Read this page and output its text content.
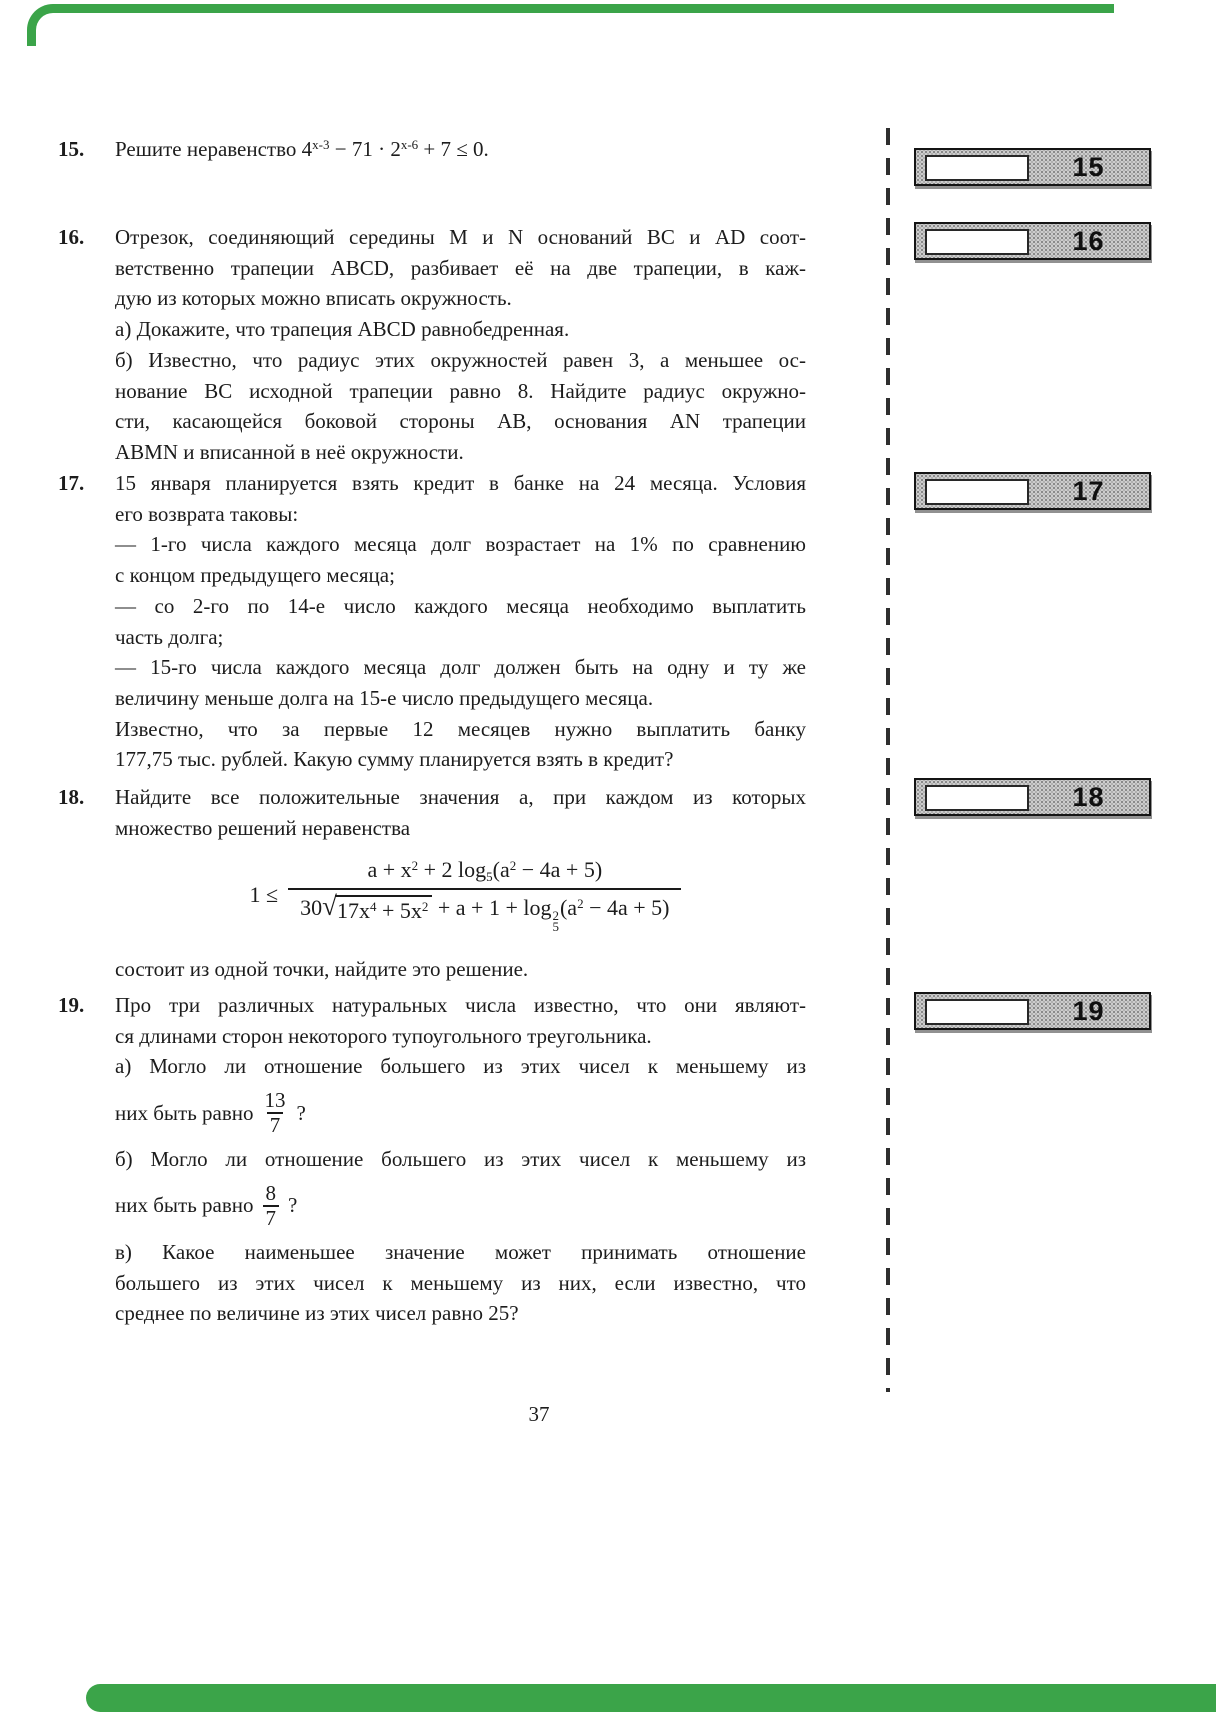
15.	Решите неравенство $4^{x-3} - 71 \cdot 2^{x-6} + 7 \le 0$.
16.	Отрезок, соединяющий середины M и N оснований BC и AD соот-
ветственно трапеции ABCD, разбивает её на две трапеции, в каж-
дую из которых можно вписать окружность.
а) Докажите, что трапеция ABCD равнобедренная.
б) Известно, что радиус этих окружностей равен 3, а меньшее ос-
нование BC исходной трапеции равно 8. Найдите радиус окружно-
сти, касающейся боковой стороны AB, основания AN трапеции
ABMN и вписанной в неё окружности.
17.	15 января планируется взять кредит в банке на 24 месяца. Условия
его возврата таковы:
— 1-го числа каждого месяца долг возрастает на 1% по сравнению
с концом предыдущего месяца;
— со 2-го по 14-е число каждого месяца необходимо выплатить
часть долга;
— 15-го числа каждого месяца долг должен быть на одну и ту же
величину меньше долга на 15-е число предыдущего месяца.
Известно, что за первые 12 месяцев нужно выплатить банку
177,75 тыс. рублей. Какую сумму планируется взять в кредит?
18.	Найдите все положительные значения a, при каждом из которых
множество решений неравенства
$1 \le a + x^2 + 2$ $\log_5(a^2 - 4a + 5)$
30 √ $17x^4 + 5x^2 + a + 1 + \log 2$
5
$(a^2 - 4a + 5)$
состоит из одной точки, найдите это решение.
19.	Про три различных натуральных числа известно, что они являют-
ся длинами сторон некоторого тупоугольного треугольника.
а) Могло ли отношение большего из этих чисел к меньшему из
них быть равно
13
7
?
б) Могло ли отношение большего из этих чисел к меньшему из
них быть равно
8
7
?
в) Какое наименьшее значение может принимать отношение
большего из этих чисел к меньшему из них, если известно, что
среднее по величине из этих чисел равно 25?
15
16
17
18
19
37
